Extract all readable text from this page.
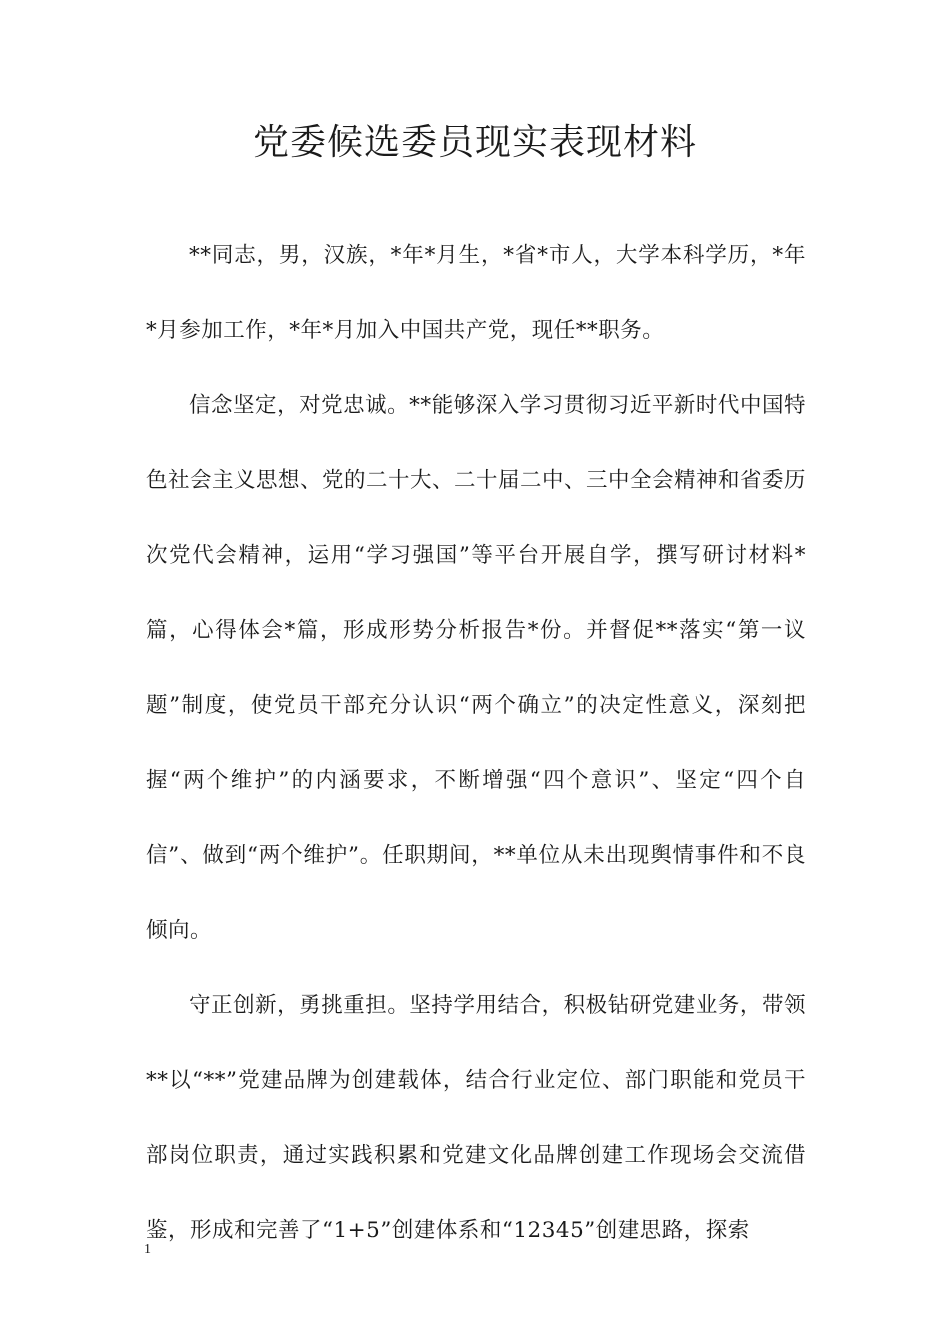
党委候选委员现实表现材料

**同志，男，汉族，*年*月生，*省*市人，大学本科学历，*年*月参加工作，*年*月加入中国共产党，现任**职务。

信念坚定，对党忠诚。**能够深入学习贯彻习近平新时代中国特色社会主义思想、党的二十大、二十届二中、三中全会精神和省委历次党代会精神，运用“学习强国”等平台开展自学，撰写研讨材料*篇，心得体会*篇，形成形势分析报告*份。并督促**落实“第一议题”制度，使党员干部充分认识“两个确立”的决定性意义，深刻把握“两个维护”的内涵要求，不断增强“四个意识”、坚定“四个自信”、做到“两个维护”。任职期间，**单位从未出现舆情事件和不良倾向。

守正创新，勇挑重担。坚持学用结合，积极钻研党建业务，带领**以“**”党建品牌为创建载体，结合行业定位、部门职能和党员干部岗位职责，通过实践积累和党建文化品牌创建工作现场会交流借鉴，形成和完善了“1+5”创建体系和“12345”创建思路，探索

1
